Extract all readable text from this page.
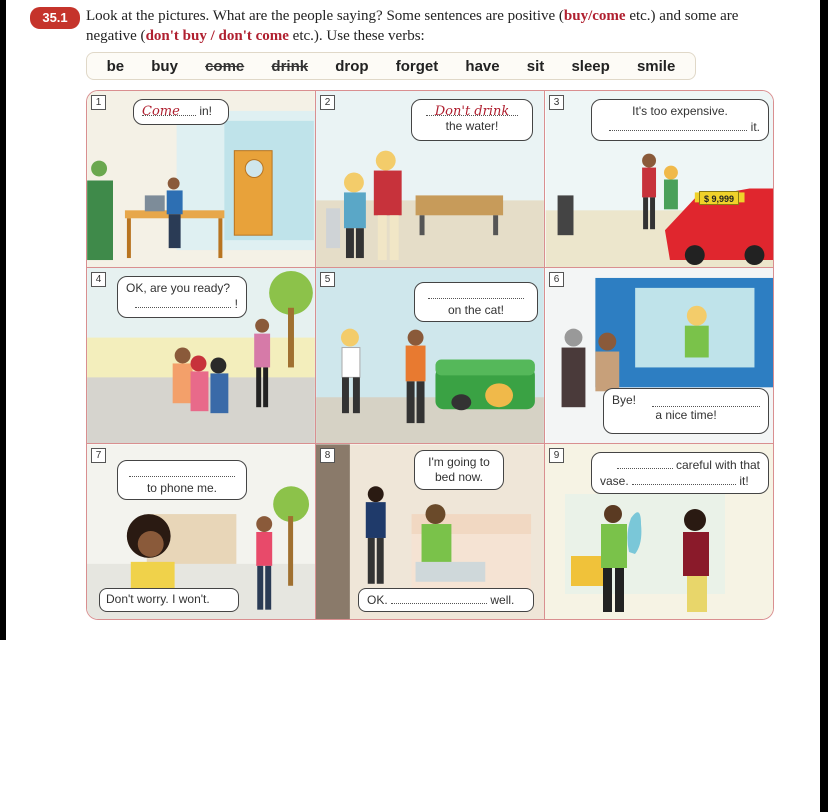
35.1	Look at the pictures. What are the people saying? Some sentences are positive (buy/come etc.) and some are negative (don't buy / don't come etc.). Use these verbs:
be buy come drink drop forget have sit sleep smile
1
Come in!
2
Don't drink
the water!
3
$ 9,999
It's too expensive.
it.
4
OK, are you ready?
!
5
on the cat!
6
Bye!
a nice time!
7
to phone me.
Don't worry. I won't.
8	I'm going to
bed now.
OK.	well.
9
careful with that
vase.	it!
